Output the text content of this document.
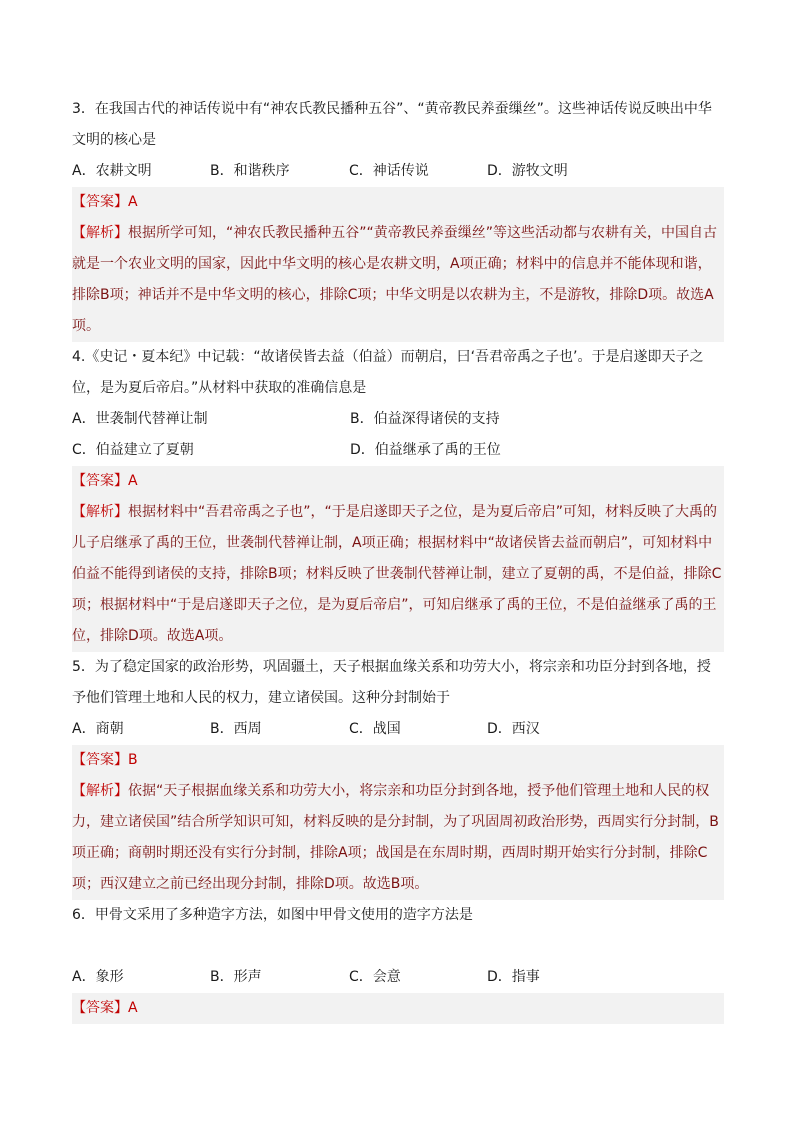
3．在我国古代的神话传说中有“神农氏教民播种五谷”、“黄帝教民养蚕缫丝”。这些神话传说反映出中华文明的核心是
A．农耕文明	B．和谐秩序	C．神话传说	D．游牧文明
【答案】A
【解析】根据所学可知，“神农氏教民播种五谷”“黄帝教民养蚕缫丝”等这些活动都与农耕有关，中国自古就是一个农业文明的国家，因此中华文明的核心是农耕文明，A项正确；材料中的信息并不能体现和谐，排除B项；神话并不是中华文明的核心，排除C项；中华文明是以农耕为主，不是游牧，排除D项。故选A项。
4.《史记・夏本纪》中记载：“故诸侯皆去益（伯益）而朝启，曰‘吾君帝禹之子也’。于是启遂即天子之位，是为夏后帝启。”从材料中获取的准确信息是
A．世袭制代替禅让制	B．伯益深得诸侯的支持
C．伯益建立了夏朝	D．伯益继承了禹的王位
【答案】A
【解析】根据材料中“吾君帝禹之子也”，“于是启遂即天子之位，是为夏后帝启”可知，材料反映了大禹的儿子启继承了禹的王位，世袭制代替禅让制，A项正确；根据材料中“故诸侯皆去益而朝启”，可知材料中伯益不能得到诸侯的支持，排除B项；材料反映了世袭制代替禅让制，建立了夏朝的禹，不是伯益，排除C项；根据材料中“于是启遂即天子之位，是为夏后帝启”，可知启继承了禹的王位，不是伯益继承了禹的王位，排除D项。故选A项。
5．为了稳定国家的政治形势，巩固疆土，天子根据血缘关系和功劳大小，将宗亲和功臣分封到各地，授予他们管理土地和人民的权力，建立诸侯国。这种分封制始于
A．商朝	B．西周	C．战国	D．西汉
【答案】B
【解析】依据“天子根据血缘关系和功劳大小，将宗亲和功臣分封到各地，授予他们管理土地和人民的权力，建立诸侯国”结合所学知识可知，材料反映的是分封制，为了巩固周初政治形势，西周实行分封制，B项正确；商朝时期还没有实行分封制，排除A项；战国是在东周时期，西周时期开始实行分封制，排除C项；西汉建立之前已经出现分封制，排除D项。故选B项。
6．甲骨文采用了多种造字方法，如图中甲骨文使用的造字方法是
A．象形	B．形声	C．会意	D．指事
【答案】A
